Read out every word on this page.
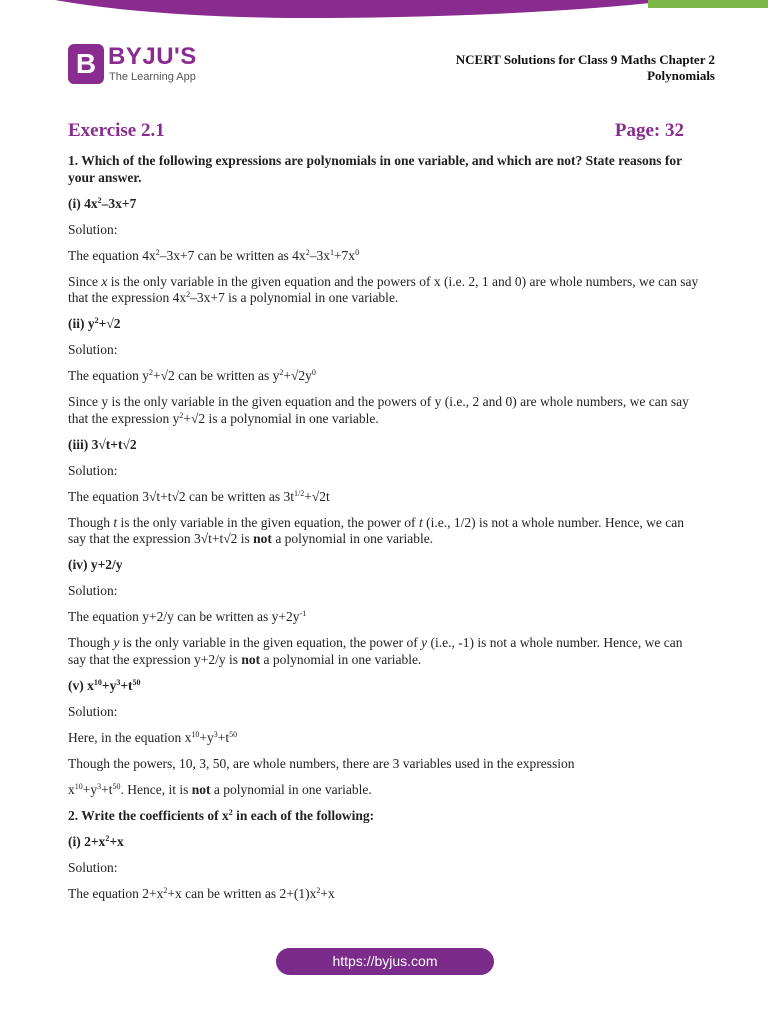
B BYJU'S
The Learning App
NCERT Solutions for Class 9 Maths Chapter 2
Polynomials
Exercise 2.1	Page: 32

1. Which of the following expressions are polynomials in one variable, and which are not? State reasons for your answer.

(i) $4x^2-3x+7$

Solution:

The equation $4x^2-3x+7$ can be written as $4x^2-3x^1+7x^0$

Since x is the only variable in the given equation and the powers of x (i.e. 2, 1 and 0) are whole numbers, we can say that the expression $4x^2-3x+7$ is a polynomial in one variable.

(ii) $y^2+√2$

Solution:

The equation $y^2+√2$ can be written as $y^2+√2y^0$

Since y is the only variable in the given equation and the powers of y (i.e., 2 and 0) are whole numbers, we can say that the expression $y^2+√2$ is a polynomial in one variable.

(iii) 3√t+t√2

Solution:

The equation 3√t+t√2 can be written as $3t^{1/2}+√2t$

Though t is the only variable in the given equation, the power of t (i.e., 1/2) is not a whole number. Hence, we can say that the expression 3√t+t√2 is not a polynomial in one variable.

(iv) y+2/y

Solution:

The equation y+2/y can be written as $y+2y^{-1}$

Though y is the only variable in the given equation, the power of y (i.e., -1) is not a whole number. Hence, we can say that the expression y+2/y is not a polynomial in one variable.

(v) $x^{10}+y^3+t^{50}$

Solution:

Here, in the equation $x^{10}+y^3+t^{50}$

Though the powers, 10, 3, 50, are whole numbers, there are 3 variables used in the expression

$x^{10}+y^3+t^{50}$. Hence, it is not a polynomial in one variable.

2. Write the coefficients of $x^2$ in each of the following:

(i) $2+x^2+x$

Solution:

The equation $2+x^2+x$ can be written as $2+(1)x^2+x$

https://byjus.com
